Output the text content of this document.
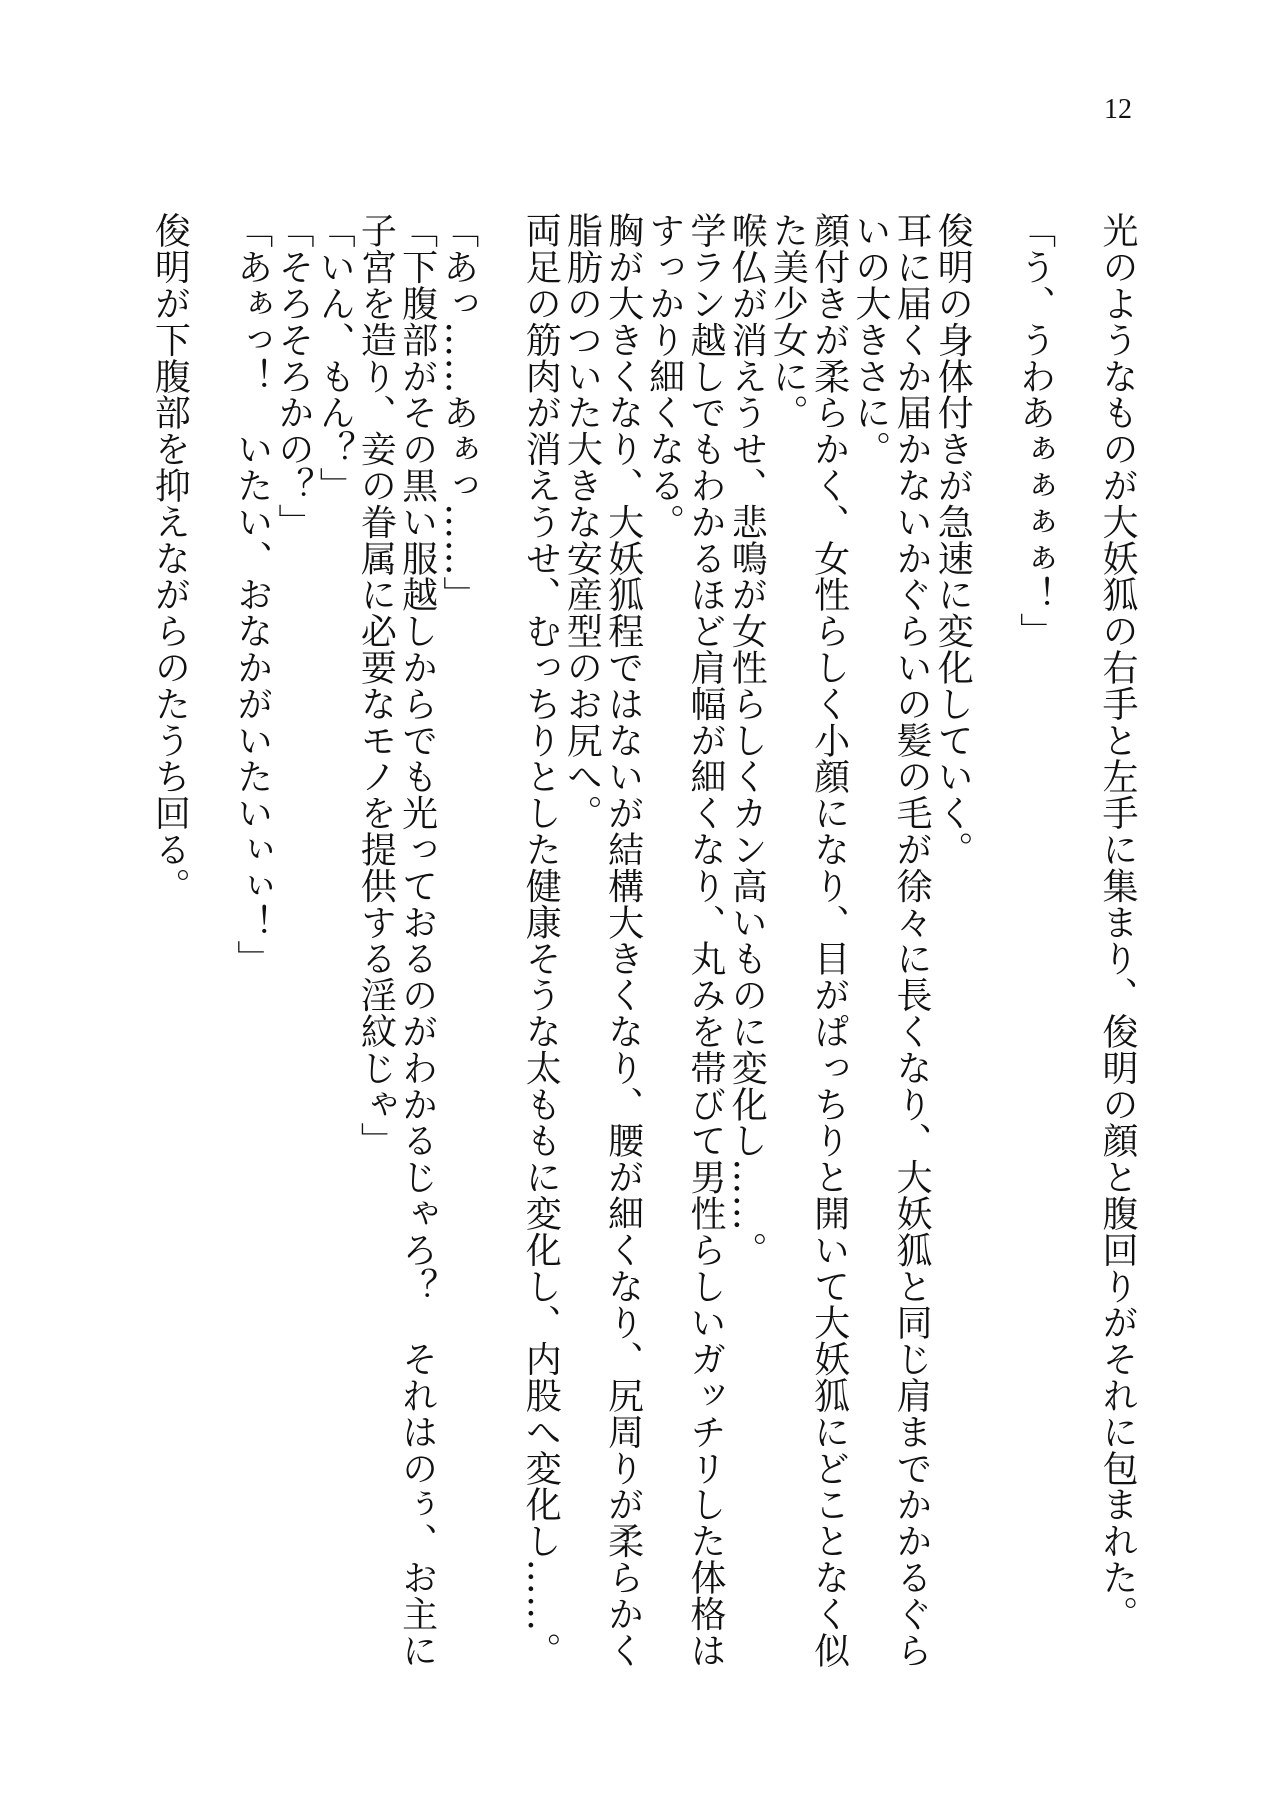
12

光のようなものが大妖狐の右手と左手に集まり、俊明の顔と腹回りがそれに包まれた。

「う、うわあぁぁぁぁ！」

俊明の身体付きが急速に変化していく。

耳に届くか届かないかぐらいの髪の毛が徐々に長くなり、大妖狐と同じ肩までかかるぐらいの大きさに。

顔付きが柔らかく、女性らしく小顔になり、目がぱっちりと開いて大妖狐にどことなく似た美少女に。

喉仏が消えうせ、悲鳴が女性らしくカン高いものに変化し……。

学ラン越しでもわかるほど肩幅が細くなり、丸みを帯びて男性らしいガッチリした体格はすっかり細くなる。

胸が大きくなり、大妖狐程ではないが結構大きくなり、腰が細くなり、尻周りが柔らかく脂肪のついた大きな安産型のお尻へ。

両足の筋肉が消えうせ、むっちりとした健康そうな太ももに変化し、内股へ変化し……。

「あっ……あぁっ……」

「下腹部がその黒い服越しからでも光っておるのがわかるじゃろ？　それはのぅ、お主に子宮を造り、妾の眷属に必要なモノを提供する淫紋じゃ」

「いん、もん？」

「そろそろかの？」

「あぁっ！　いたい、おなかがいたいぃぃ！」

俊明が下腹部を抑えながらのたうち回る。
